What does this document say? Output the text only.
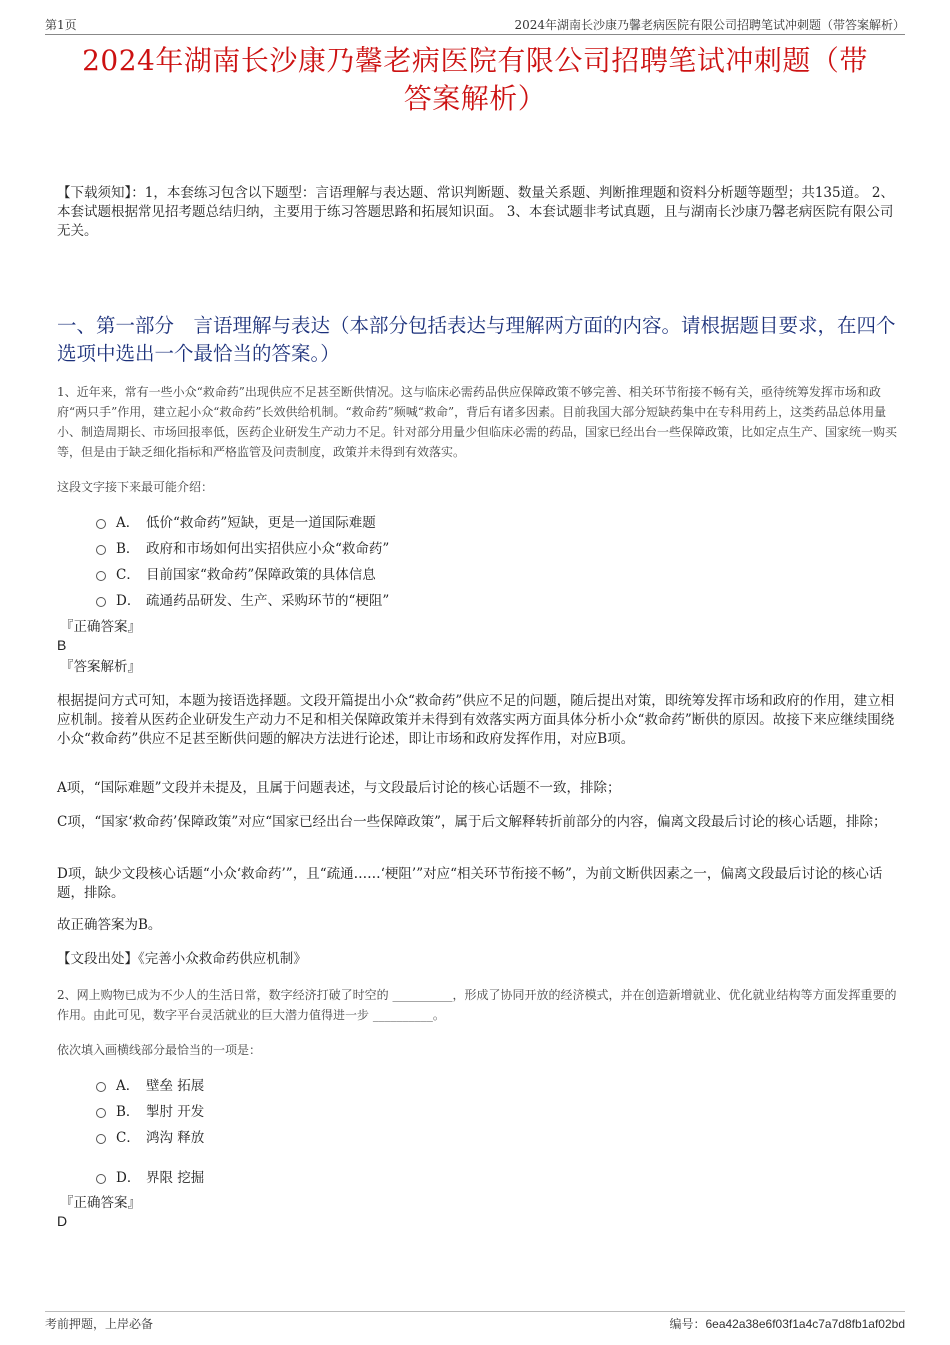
第1页	2024年湖南长沙康乃馨老病医院有限公司招聘笔试冲刺题（带答案解析）
2024年湖南长沙康乃馨老病医院有限公司招聘笔试冲刺题（带
答案解析）
【下载须知】：1，本套练习包含以下题型：言语理解与表达题、常识判断题、数量关系题、判断推理题和资料分析题等题型；共135道。 2、本套试题根据常见招考题总结归纳，主要用于练习答题思路和拓展知识面。 3、本套试题非考试真题，且与湖南长沙康乃馨老病医院有限公司无关。
一、第一部分　言语理解与表达（本部分包括表达与理解两方面的内容。请根据题目要求，在四个选项中选出一个最恰当的答案。）
1、近年来，常有一些小众“救命药”出现供应不足甚至断供情况。这与临床必需药品供应保障政策不够完善、相关环节衔接不畅有关，亟待统筹发挥市场和政府“两只手”作用，建立起小众“救命药”长效供给机制。“救命药”频喊“救命”，背后有诸多因素。目前我国大部分短缺药集中在专科用药上，这类药品总体用量小、制造周期长、市场回报率低，医药企业研发生产动力不足。针对部分用量少但临床必需的药品，国家已经出台一些保障政策，比如定点生产、国家统一购买等，但是由于缺乏细化指标和严格监管及问责制度，政策并未得到有效落实。
这段文字接下来最可能介绍：
A． 低价“救命药”短缺，更是一道国际难题
B． 政府和市场如何出实招供应小众“救命药”
C． 目前国家“救命药”保障政策的具体信息
D． 疏通药品研发、生产、采购环节的“梗阻”
『正确答案』
B
『答案解析』
根据提问方式可知，本题为接语选择题。文段开篇提出小众“救命药”供应不足的问题，随后提出对策，即统筹发挥市场和政府的作用，建立相应机制。接着从医药企业研发生产动力不足和相关保障政策并未得到有效落实两方面具体分析小众“救命药”断供的原因。故接下来应继续围绕小众“救命药”供应不足甚至断供问题的解决方法进行论述，即让市场和政府发挥作用，对应B项。
A项，“国际难题”文段并未提及，且属于问题表述，与文段最后讨论的核心话题不一致，排除；
C项，“国家‘救命药’保障政策”对应“国家已经出台一些保障政策”，属于后文解释转折前部分的内容，偏离文段最后讨论的核心话题，排除；
D项，缺少文段核心话题“小众‘救命药’”，且“疏通……‘梗阻’”对应“相关环节衔接不畅”，为前文断供因素之一，偏离文段最后讨论的核心话题，排除。
故正确答案为B。
【文段出处】《完善小众救命药供应机制》
2、网上购物已成为不少人的生活日常，数字经济打破了时空的 __________，形成了协同开放的经济模式，并在创造新增就业、优化就业结构等方面发挥重要的作用。由此可见，数字平台灵活就业的巨大潜力值得进一步 __________。
依次填入画横线部分最恰当的一项是：
A． 壁垒 拓展
B． 掣肘 开发
C． 鸿沟 释放
D． 界限 挖掘
『正确答案』
D
考前押题，上岸必备	编号：6ea42a38e6f03f1a4c7a7d8fb1af02bd
